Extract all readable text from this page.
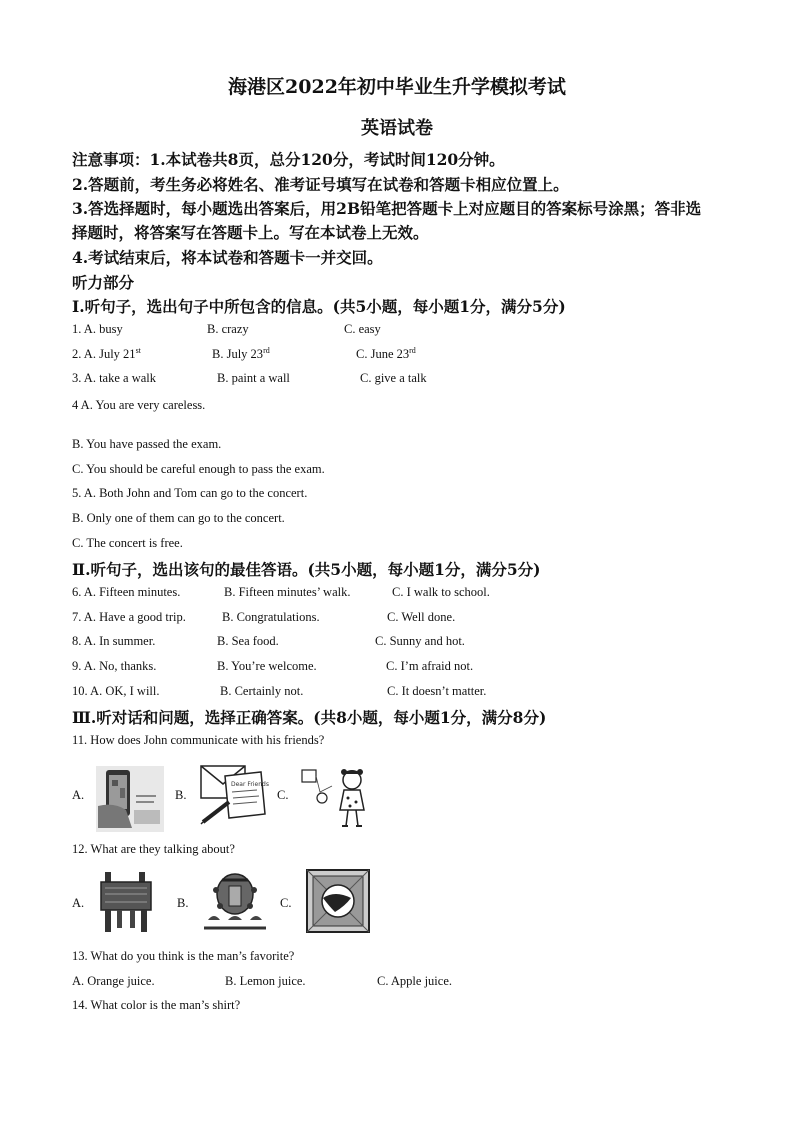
海港区2022年初中毕业生升学模拟考试
英语试卷
注意事项：1.本试卷共8页，总分120分，考试时间120分钟。
2.答题前，考生务必将姓名、准考证号填写在试卷和答题卡相应位置上。
3.答选择题时，每小题选出答案后，用2B铅笔把答题卡上对应题目的答案标号涂黑；答非选
择题时，将答案写在答题卡上。写在本试卷上无效。
4.考试结束后，将本试卷和答题卡一并交回。
听力部分
Ⅰ.听句子，选出句子中所包含的信息。(共5小题，每小题1分，满分5分)
1. A. busy	B. crazy	C. easy
2. A. July 21st	B. July 23rd	C. June 23rd
3. A. take a walk	B. paint a wall	C. give a talk
4 A. You are very careless.
B. You have passed the exam.
C. You should be careful enough to pass the exam.
5. A. Both John and Tom can go to the concert.
B. Only one of them can go to the concert.
C. The concert is free.
Ⅱ.听句子，选出该句的最佳答语。(共5小题，每小题1分，满分5分)
6. A. Fifteen minutes.	B. Fifteen minutes’ walk.	C. I walk to school.
7. A. Have a good trip.	B. Congratulations.	C. Well done.
8. A. In summer.	B. Sea food.	C. Sunny and hot.
9. A. No, thanks.	B. You’re welcome.	C. I’m afraid not.
10. A. OK, I will.	B. Certainly not.	C. It doesn’t matter.
Ⅲ.听对话和问题，选择正确答案。(共8小题，每小题1分，满分8分)
11. How does John communicate with his friends?
A.	B.	C.
Dear Friends
12. What are they talking about?
A.	B.	C.
13. What do you think is the man’s favorite?
A. Orange juice.	B. Lemon juice.	C. Apple juice.
14. What color is the man’s shirt?
